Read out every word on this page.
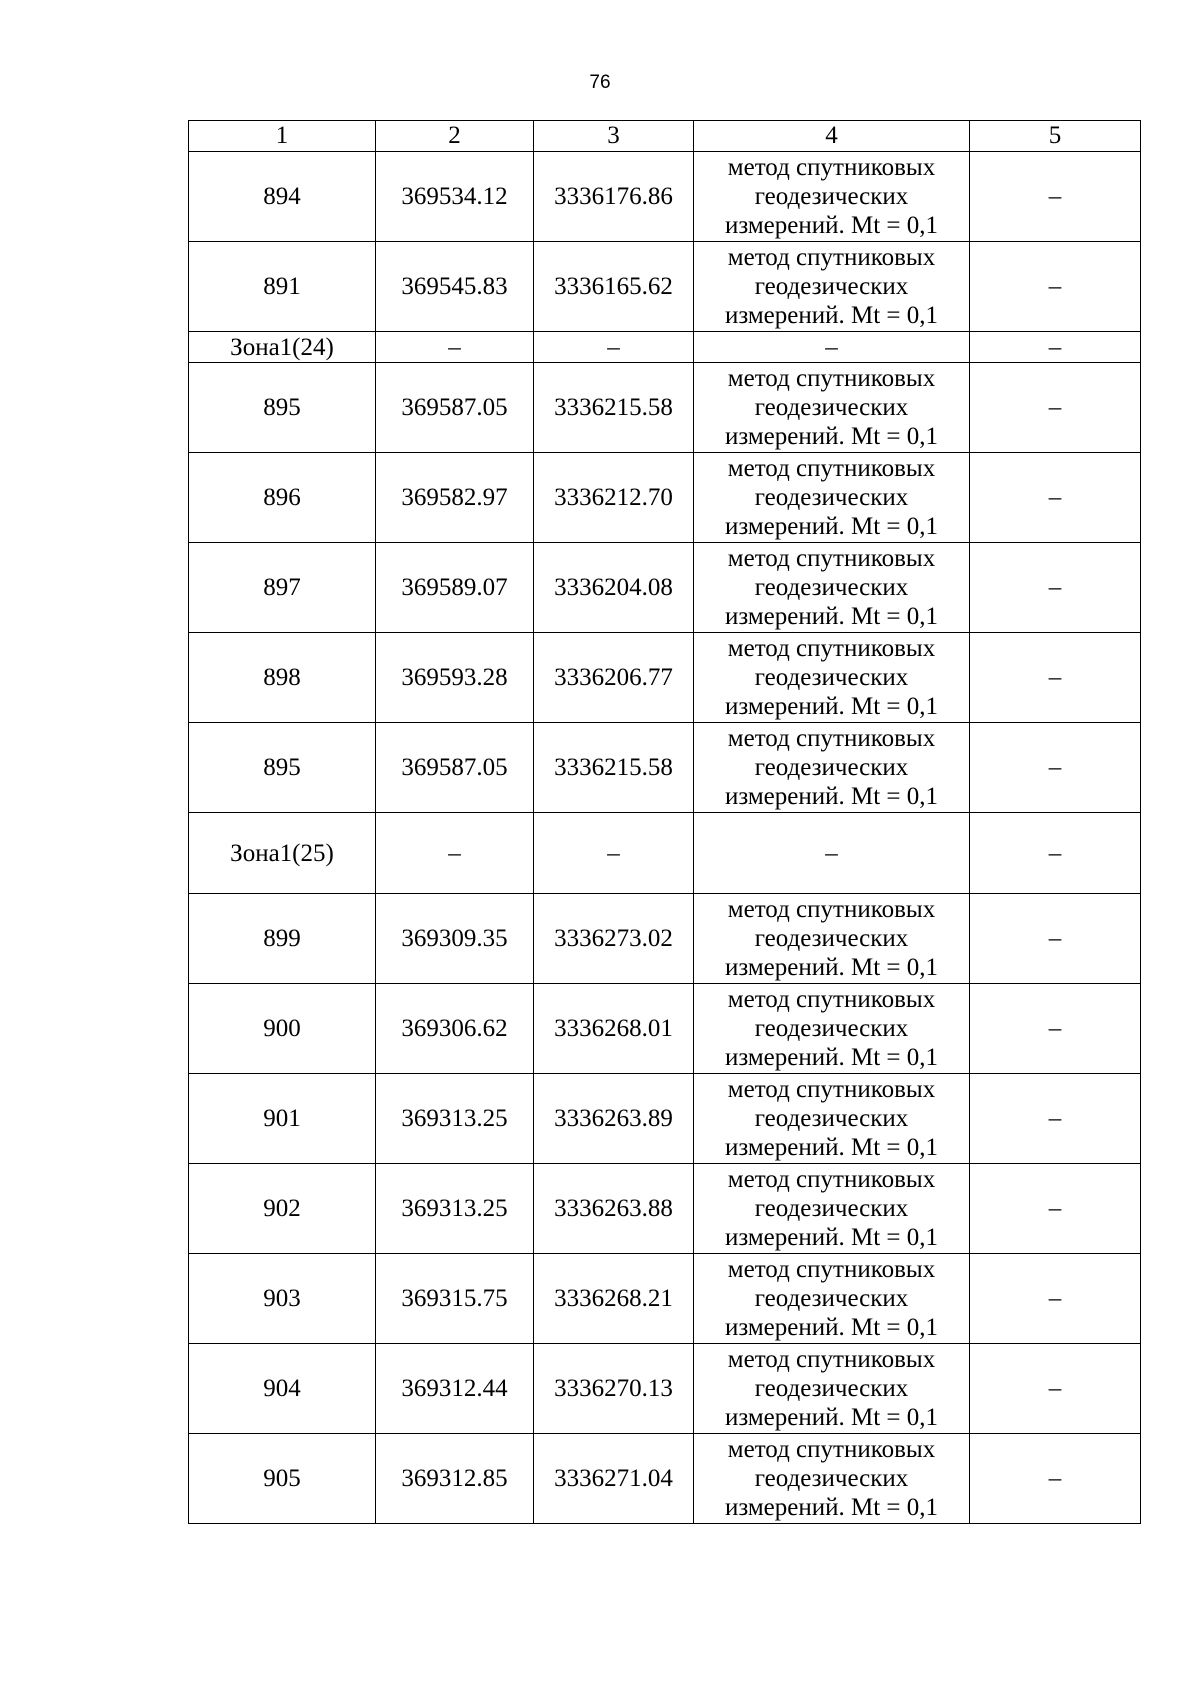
76
1	2	3	4	5
894	369534.12	3336176.86	метод спутниковых
геодезических
измерений. Mt = 0,1	–
891	369545.83	3336165.62	метод спутниковых
геодезических
измерений. Mt = 0,1	–
Зона1(24)	–	–	–	–
895	369587.05	3336215.58	метод спутниковых
геодезических
измерений. Mt = 0,1	–
896	369582.97	3336212.70	метод спутниковых
геодезических
измерений. Mt = 0,1	–
897	369589.07	3336204.08	метод спутниковых
геодезических
измерений. Mt = 0,1	–
898	369593.28	3336206.77	метод спутниковых
геодезических
измерений. Mt = 0,1	–
895	369587.05	3336215.58	метод спутниковых
геодезических
измерений. Mt = 0,1	–
Зона1(25)	–	–	–	–
899	369309.35	3336273.02	метод спутниковых
геодезических
измерений. Mt = 0,1	–
900	369306.62	3336268.01	метод спутниковых
геодезических
измерений. Mt = 0,1	–
901	369313.25	3336263.89	метод спутниковых
геодезических
измерений. Mt = 0,1	–
902	369313.25	3336263.88	метод спутниковых
геодезических
измерений. Mt = 0,1	–
903	369315.75	3336268.21	метод спутниковых
геодезических
измерений. Mt = 0,1	–
904	369312.44	3336270.13	метод спутниковых
геодезических
измерений. Mt = 0,1	–
905	369312.85	3336271.04	метод спутниковых
геодезических
измерений. Mt = 0,1	–
